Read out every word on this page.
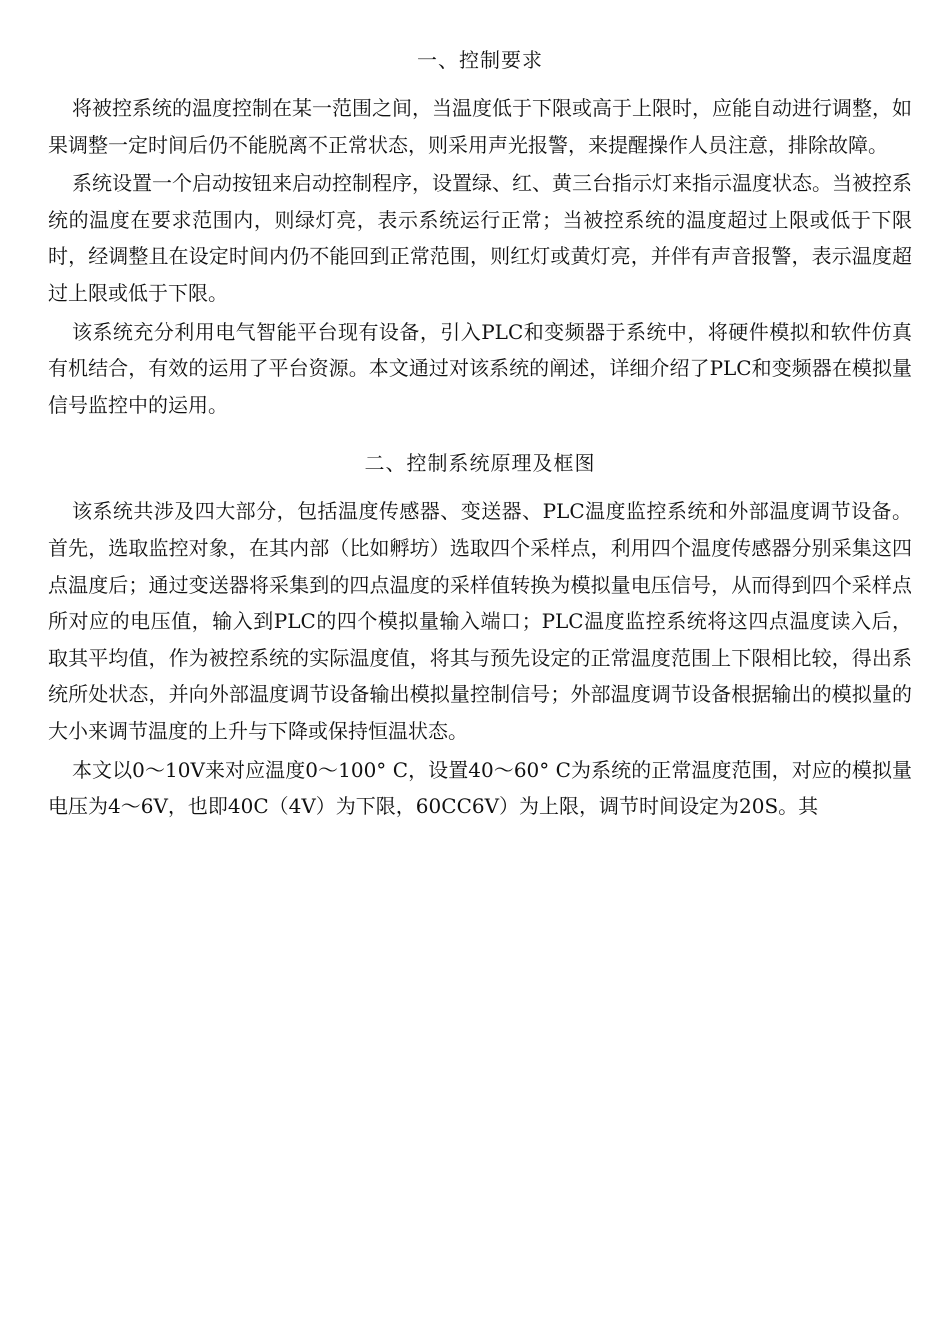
一、控制要求

将被控系统的温度控制在某一范围之间，当温度低于下限或高于上限时，应能自动进行调整，如果调整一定时间后仍不能脱离不正常状态，则采用声光报警，来提醒操作人员注意，排除故障。

系统设置一个启动按钮来启动控制程序，设置绿、红、黄三台指示灯来指示温度状态。当被控系统的温度在要求范围内，则绿灯亮，表示系统运行正常；当被控系统的温度超过上限或低于下限时，经调整且在设定时间内仍不能回到正常范围，则红灯或黄灯亮，并伴有声音报警，表示温度超过上限或低于下限。

该系统充分利用电气智能平台现有设备，引入PLC和变频器于系统中，将硬件模拟和软件仿真有机结合，有效的运用了平台资源。本文通过对该系统的阐述，详细介绍了PLC和变频器在模拟量信号监控中的运用。

二、控制系统原理及框图

该系统共涉及四大部分，包括温度传感器、变送器、PLC温度监控系统和外部温度调节设备。首先，选取监控对象，在其内部（比如孵坊）选取四个采样点，利用四个温度传感器分别采集这四点温度后；通过变送器将采集到的四点温度的采样值转换为模拟量电压信号，从而得到四个采样点所对应的电压值，输入到PLC的四个模拟量输入端口；PLC温度监控系统将这四点温度读入后，取其平均值，作为被控系统的实际温度值，将其与预先设定的正常温度范围上下限相比较，得出系统所处状态，并向外部温度调节设备输出模拟量控制信号；外部温度调节设备根据输出的模拟量的大小来调节温度的上升与下降或保持恒温状态。

本文以0～10V来对应温度0～100° C，设置40～60° C为系统的正常温度范围，对应的模拟量电压为4～6V，也即40C（4V）为下限，60CC6V）为上限，调节时间设定为20S。其
